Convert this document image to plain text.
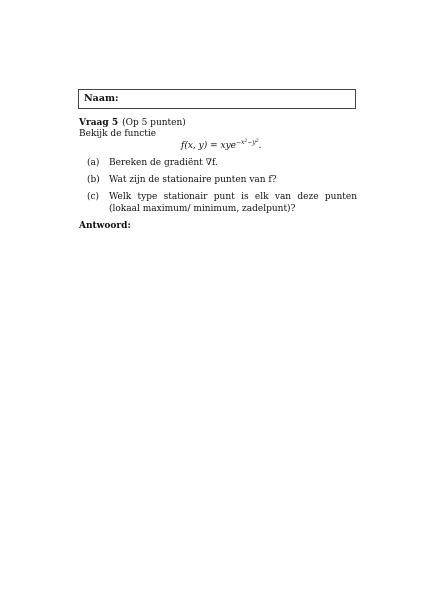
Naam:
Vraag 5 (Op 5 punten)
Bekijk de functie
f(x, y) = xye$^{-x^2-y^2}$.
(a)	Bereken de gradiënt ∇f.
(b)	Wat zijn de stationaire punten van f?
(c)	Welk type stationair punt is elk van deze punten (lokaal maximum/ minimum, zadelpunt)?
Antwoord:
